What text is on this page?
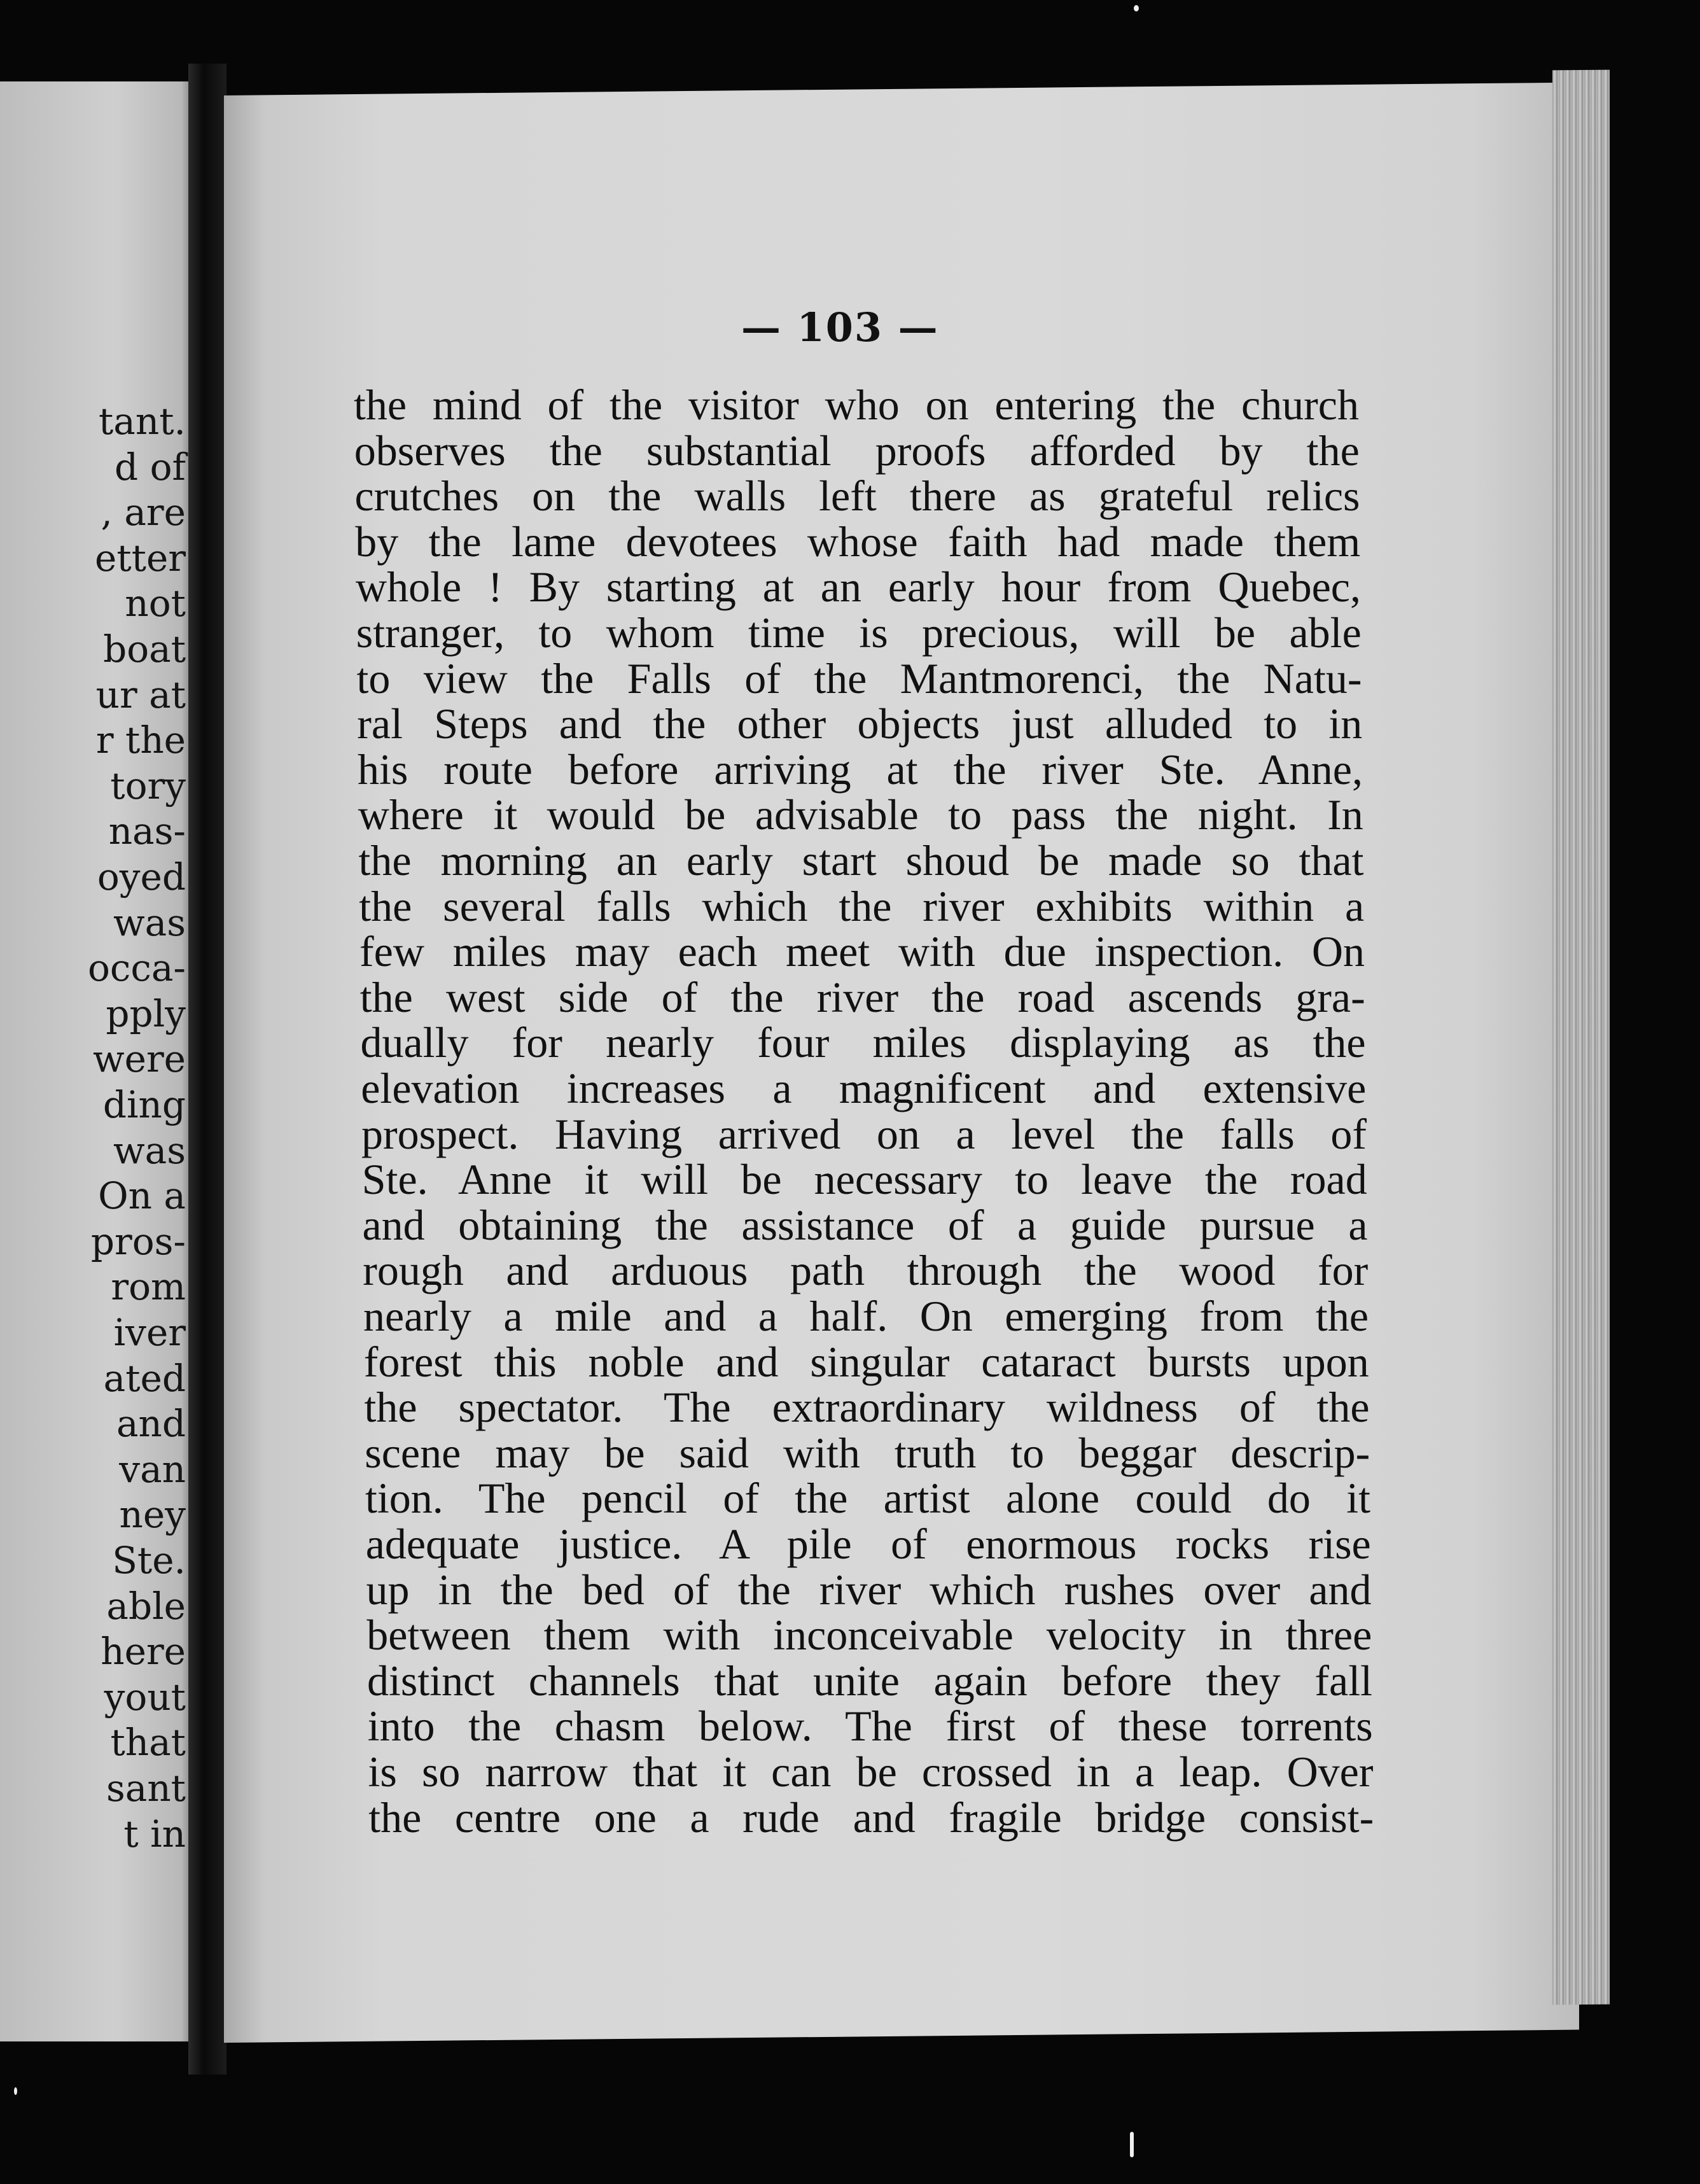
tant.
d of
, are
etter
not
boat
ur at
r the
tory
nas-
oyed
was
occa-
pply
were
ding
was
On a
pros-
rom
iver
ated
and
van
ney
Ste.
able
here
yout
that
sant
t in
— 103 —
the mind of the visitor who on entering the church
observes the substantial proofs afforded by the
crutches on the walls left there as grateful relics
by the lame devotees whose faith had made them
whole ! By starting at an early hour from Quebec,
stranger, to whom time is precious, will be able
to view the Falls of the Mantmorenci, the Natu-
ral Steps and the other objects just alluded to in
his route before arriving at the river Ste. Anne,
where it would be advisable to pass the night. In
the morning an early start shoud be made so that
the several falls which the river exhibits within a
few miles may each meet with due inspection. On
the west side of the river the road ascends gra-
dually for nearly four miles displaying as the
elevation increases a magnificent and extensive
prospect. Having arrived on a level the falls of
Ste. Anne it will be necessary to leave the road
and obtaining the assistance of a guide pursue a
rough and arduous path through the wood for
nearly a mile and a half. On emerging from the
forest this noble and singular cataract bursts upon
the spectator. The extraordinary wildness of the
scene may be said with truth to beggar descrip-
tion. The pencil of the artist alone could do it
adequate justice. A pile of enormous rocks rise
up in the bed of the river which rushes over and
between them with inconceivable velocity in three
distinct channels that unite again before they fall
into the chasm below. The first of these torrents
is so narrow that it can be crossed in a leap. Over
the centre one a rude and fragile bridge consist-
